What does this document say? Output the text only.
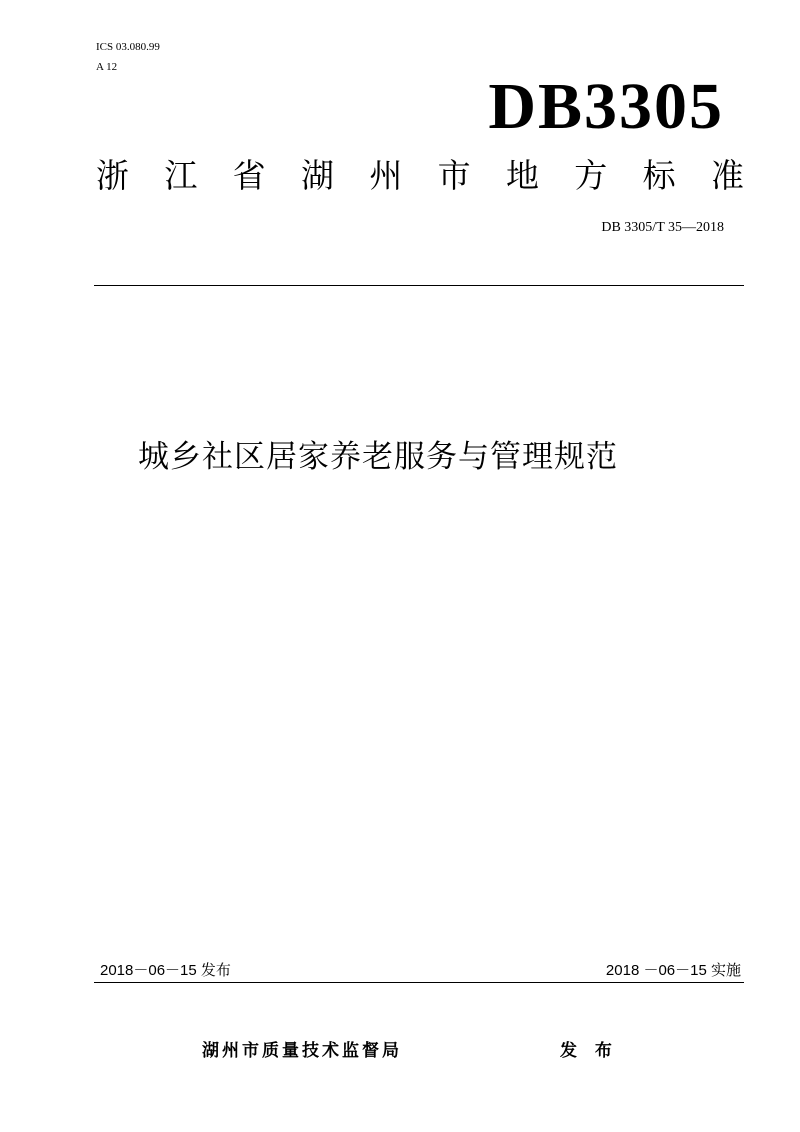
ICS 03.080.99
A 12
DB3305
浙 江 省 湖 州 市 地 方 标 准
DB 3305/T 35—2018
城乡社区居家养老服务与管理规范
2018－06－15 发布	2018 －06－15 实施
湖州市质量技术监督局	发 布
